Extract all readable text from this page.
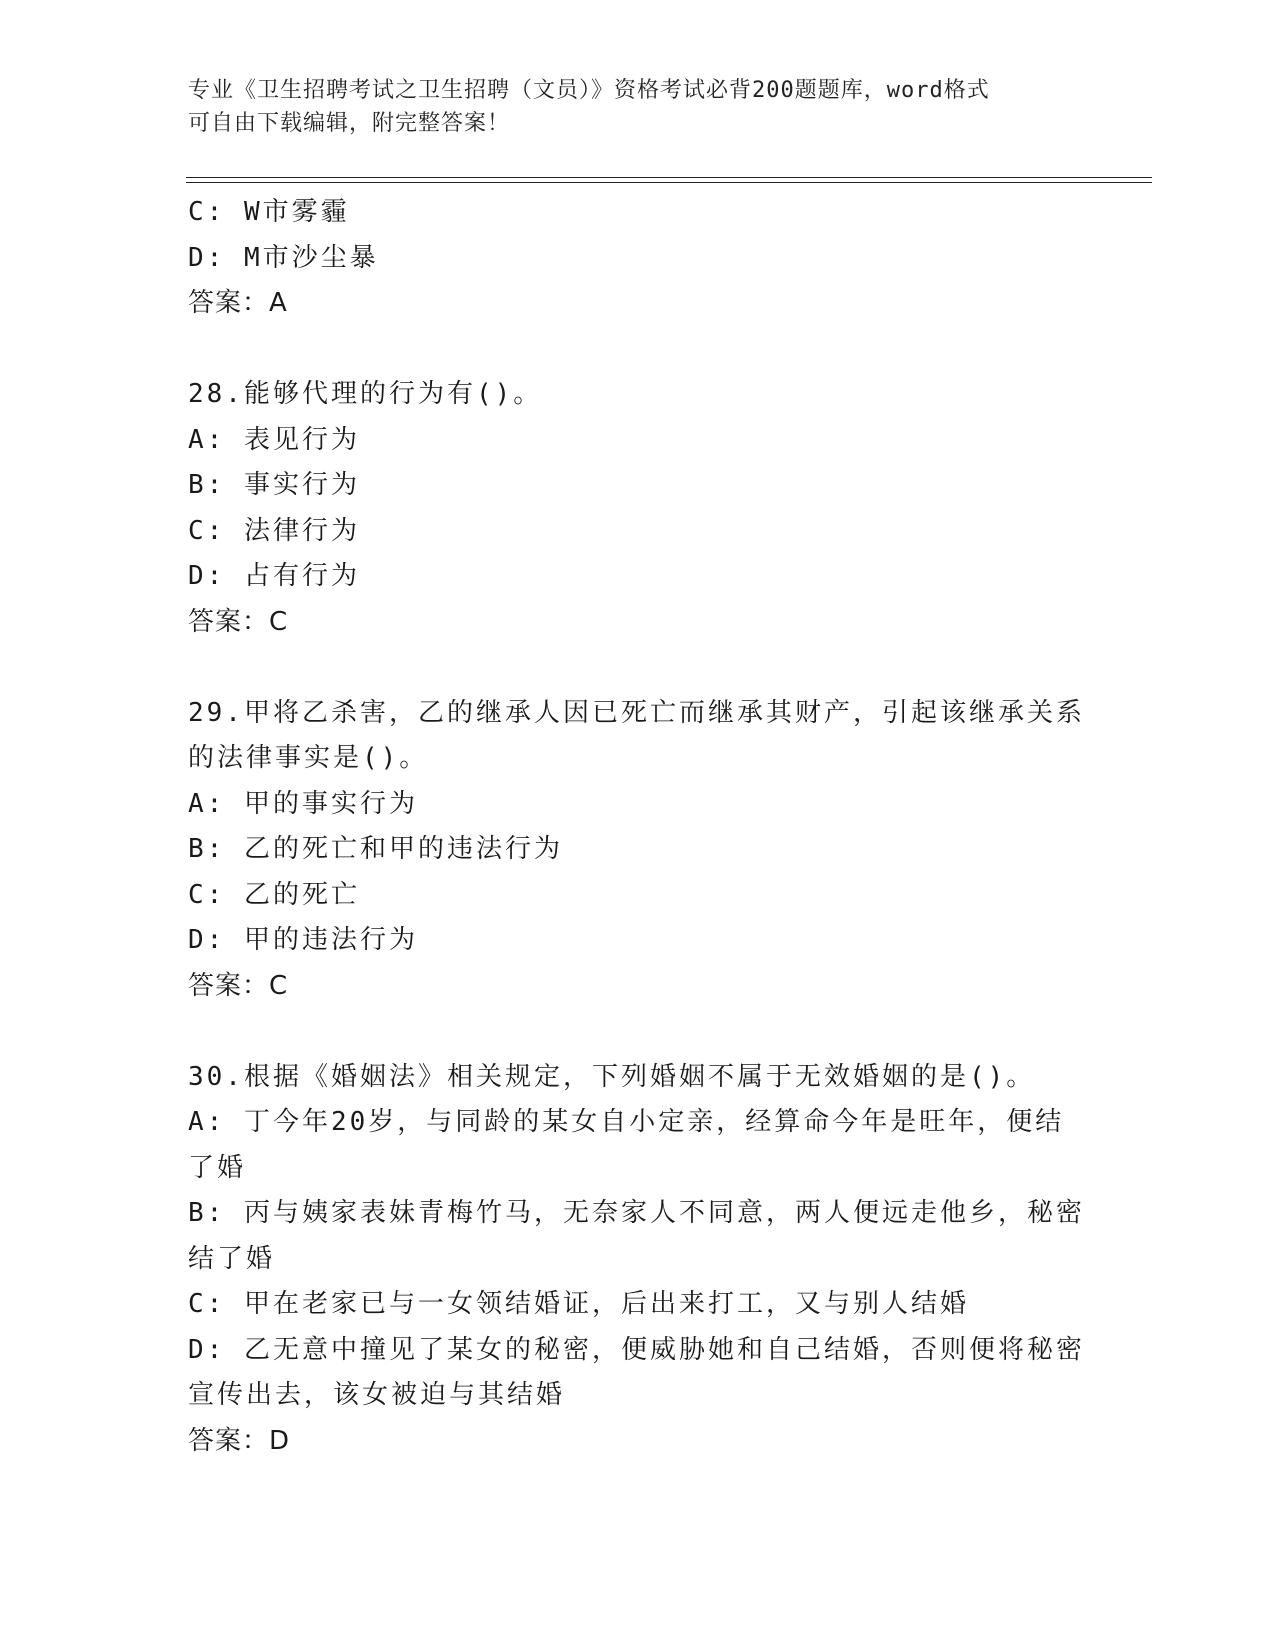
专业《卫生招聘考试之卫生招聘（文员）》资格考试必背200题题库，word格式
可自由下载编辑，附完整答案！
C: W市雾霾
D: M市沙尘暴
答案：A
28.能够代理的行为有()。
A: 表见行为
B: 事实行为
C: 法律行为
D: 占有行为
答案：C
29.甲将乙杀害，乙的继承人因已死亡而继承其财产，引起该继承关系
的法律事实是()。
A: 甲的事实行为
B: 乙的死亡和甲的违法行为
C: 乙的死亡
D: 甲的违法行为
答案：C
30.根据《婚姻法》相关规定，下列婚姻不属于无效婚姻的是()。
A: 丁今年20岁，与同龄的某女自小定亲，经算命今年是旺年，便结
了婚
B: 丙与姨家表妹青梅竹马，无奈家人不同意，两人便远走他乡，秘密
结了婚
C: 甲在老家已与一女领结婚证，后出来打工，又与别人结婚
D: 乙无意中撞见了某女的秘密，便威胁她和自己结婚，否则便将秘密
宣传出去，该女被迫与其结婚
答案：D
